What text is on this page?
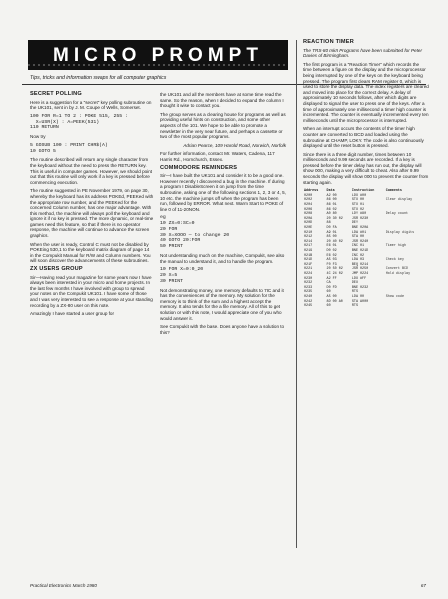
MICRO PROMPT
Tips, tricks and information swaps for all computer graphics
SECRET POLLING

Here is a suggestion for a "secret" key polling subroutine on the UK101, sent in by J. M. Coupe of Wells, Somerset.

100 FOR R=1 TO 2 : POKE 515, 255 :
X=USR(X) : A=PEEK(531)
110 RETURN

Now try

5 GOSUB 100 : PRINT CHR$(A)
10 GOTO 5

The routine described will return any single character from the keyboard without the need to press the RETURN key. This is useful in computer games. However, we should point out that this routine will only work if a key is pressed before commencing execution.

The routine suggested in PE November 1979, on page 30, whereby the keyboard has its address POKEd, PEEKed with the appropriate row number, and the PEEKed for the concerned Column number, has one major advantage. With this method, the machine will always poll the keyboard and ignore it if no key is pressed. The more dynamic, or real-time games need this feature, so that if there is no operator response, the machine will continue to advance the screen graphics.

When the user is ready, Control C must not be disabled by POKEing 530,1 to the keyboard matrix diagram of page 14 in the Compukit Manual for R/W and Column numbers. You will soon discover the advancements of these subroutines.

ZX USERS GROUP

Sir—Having read your magazine for some years now I have always been interested in your micro and home projects. In the last few months I have involved with group to spread your notes on the Compukit UK101. I have some of those and I was very interested to see a response at your standing recording by a ZX-80 user on this note.

Amazingly I have started a user group for

the UK101 and all the members have at some time read the same. So the reason, when I decided to expand the column I thought it wise to contact you.

The group serves as a clearing house for programs as well as providing useful hints on construction, and some other aspects of the 101. We hope to be able to promote a newsletter in the very near future, and perhaps a cassette or two of the most popular programs.

Adrian Pearce, 109 Harold Road, Norwich, Norfolk

For further information, contact Mr. Waters, Cadena, 117 Harris Rd., Hornchurch, Essex.

COMMODORE REMINDERS

Sir—I have built the UK101 and consider it to be a good one. However recently I discovered a bug in the machine. If during a program I DisableScreen it on jump from the time subroutine, asking one of the following sections 1, 2, 3 or 4, 5, 10 etc. the machine jumps off when the program has been run, followed by ERROR. What next. Warm Start to POKE of line 0 of 11-20NON.

eg
10 ZX=0:SC=0
20 FOR
30 X=XOOO — to change 20
40 GOTO 20:FOR
50 PRINT

Not understanding much on the machine, Compukit, see also the manual to understand it, and to handle the program.

10 FOR X=0:0_20
20 X=5
30 PRINT

Not demonstrating money, one memory defaults to 7IC and it has the conveniences of the memory. My solution for the memory is to think of the sum and a highest accept the memory. It also tends for the a file memory. All of this to get solution or with this note, I would appreciate one of you who would answer it.

See Compukit with the base. Does anyone have a solution to this?

REACTION TIMER

The TRS-80 mkII Programs have been submitted for Peter Davies of Birmingham.

The first program is a "Reaction Timer" which records the time between a figure on the display and the microprocessor being interrupted by one of the keys on the keyboard being pressed. The program first clears RAM register 0, which is used to store the display data. The index registers are cleared and moved into place for the correct delay. A delay of approximately 10 seconds follows, after which digits are displayed to signal the user to press one of the keys. After a time of approximately one millisecond a timer high counter is incremented. The counter is eventually incremented every ten milliseconds until the microprocessor is interrupted.

When an interrupt occurs the contents of the timer high counter are converted to BCD and loaded using the subroutine at CHAMP, LOKY. The code is also continuously displayed until the reset button is pressed.

Since there is a three digit number, times between 10 milliseconds and 9.99 seconds are recorded. If a key is pressed before the timer delay has run out, the display will show 000, making a very difficult to cheat. Also after 9.99 seconds the display will show 000 to prevent the counter from starting again.

Address	Data	Instruction	Comments
0200	A2 00	LDX #00	
0202	86 00	STX 00	Clear display
0204	86 01	STX 01	
0206	86 02	STX 02	
0208	A0 80	LDY #80	Delay count
020A	20 30 02	JSR 0230	
020D	88	DEY	
020E	D0 FA	BNE 020A	
0210	A9 01	LDA #01	Display digits
0212	85 00	STA 00	
0214	20 40 02	JSR 0240	
0217	E6 01	INC 01	Timer high
0219	D0 02	BNE 021D	
021B	E6 02	INC 02	
021D	A5 03	LDA 03	Check key
021F	F0 F3	BEQ 0214	
0221	20 50 02	JSR 0250	Convert BCD
0224	4C 24 02	JMP 0224	Hold display
0230	A2 FF	LDX #FF	
0232	CA	DEX	
0233	D0 FD	BNE 0232	
0235	60	RTS	
0240	A5 00	LDA 00	Show code
0242	8D 00 A0	STA A000	
0245	60	RTS	
Practical Electronics March 1980	67
